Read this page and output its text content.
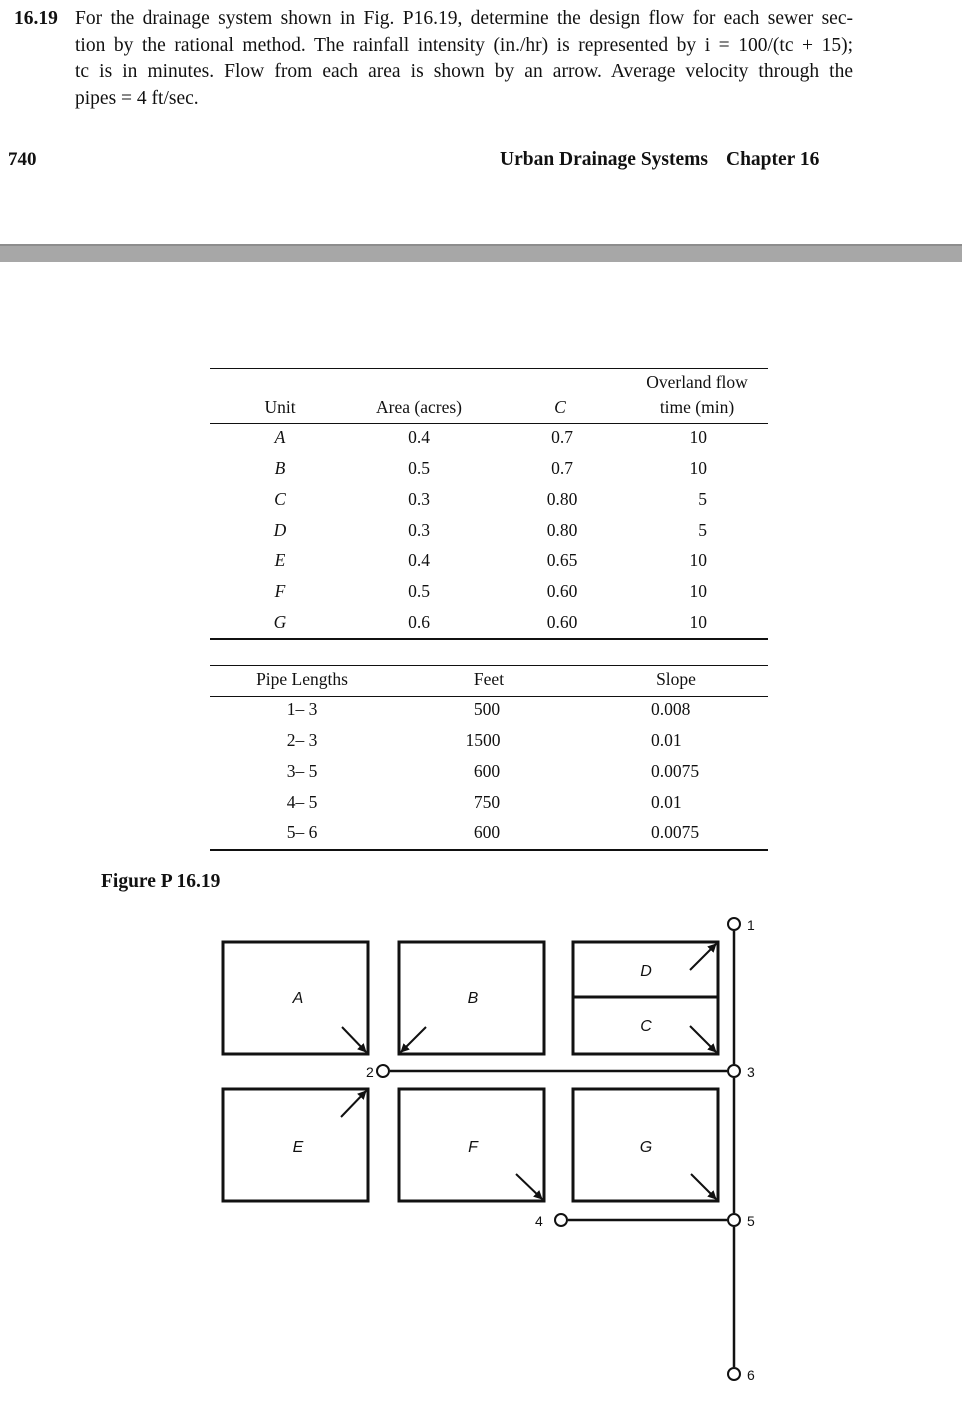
16.19 For the drainage system shown in Fig. P16.19, determine the design flow for each sewer sec-
tion by the rational method. The rainfall intensity (in./hr) is represented by i = 100/(tc + 15);
tc is in minutes. Flow from each area is shown by an arrow. Average velocity through the
pipes = 4 ft/sec.
740	Urban Drainage Systems Chapter 16
Overland flow
Unit	Area (acres)	C	time (min)
A	0.4	0.7	10
B	0.5	0.7	10
C	0.3	0.80	5
D	0.3	0.80	5
E	0.4	0.65	10
F	0.5	0.60	10
G	0.6	0.60	10
Pipe Lengths	Feet	Slope
1– 3	500	0.008
2– 3	1500	0.01
3– 5	600	0.0075
4– 5	750	0.01
5– 6	600	0.0075
Figure P 16.19
A	B
C
D
E	F	G
1
2	3
4	5
6
